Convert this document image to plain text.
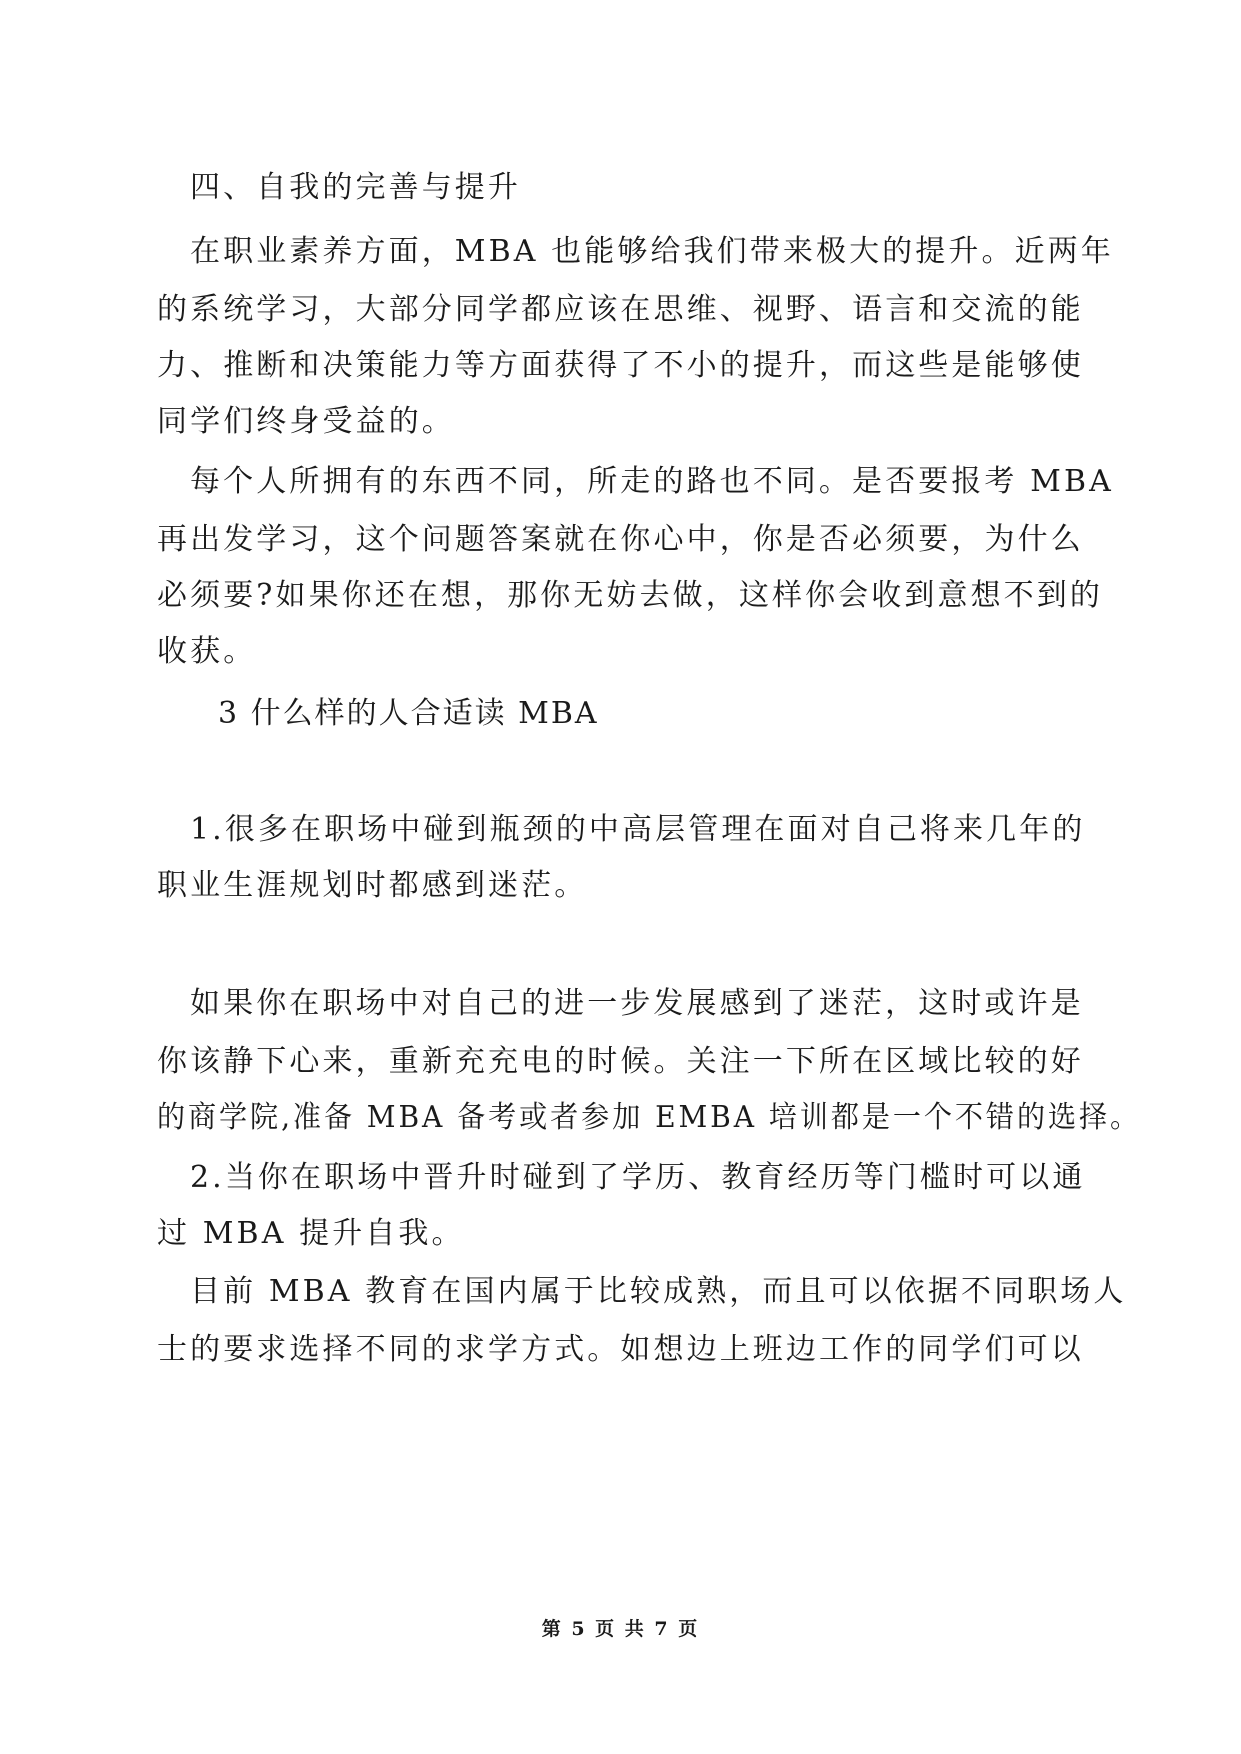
四、自我的完善与提升
在职业素养方面，MBA 也能够给我们带来极大的提升。近两年
的系统学习，大部分同学都应该在思维、视野、语言和交流的能
力、推断和决策能力等方面获得了不小的提升，而这些是能够使
同学们终身受益的。
每个人所拥有的东西不同，所走的路也不同。是否要报考 MBA
再出发学习，这个问题答案就在你心中，你是否必须要，为什么
必须要?如果你还在想，那你无妨去做，这样你会收到意想不到的
收获。
3 什么样的人合适读 MBA
1.很多在职场中碰到瓶颈的中高层管理在面对自己将来几年的
职业生涯规划时都感到迷茫。
如果你在职场中对自己的进一步发展感到了迷茫，这时或许是
你该静下心来，重新充充电的时候。关注一下所在区域比较的好
的商学院,准备 MBA 备考或者参加 EMBA 培训都是一个不错的选择。
2.当你在职场中晋升时碰到了学历、教育经历等门槛时可以通
过 MBA 提升自我。
目前 MBA 教育在国内属于比较成熟，而且可以依据不同职场人
士的要求选择不同的求学方式。如想边上班边工作的同学们可以
第 5 页 共 7 页
